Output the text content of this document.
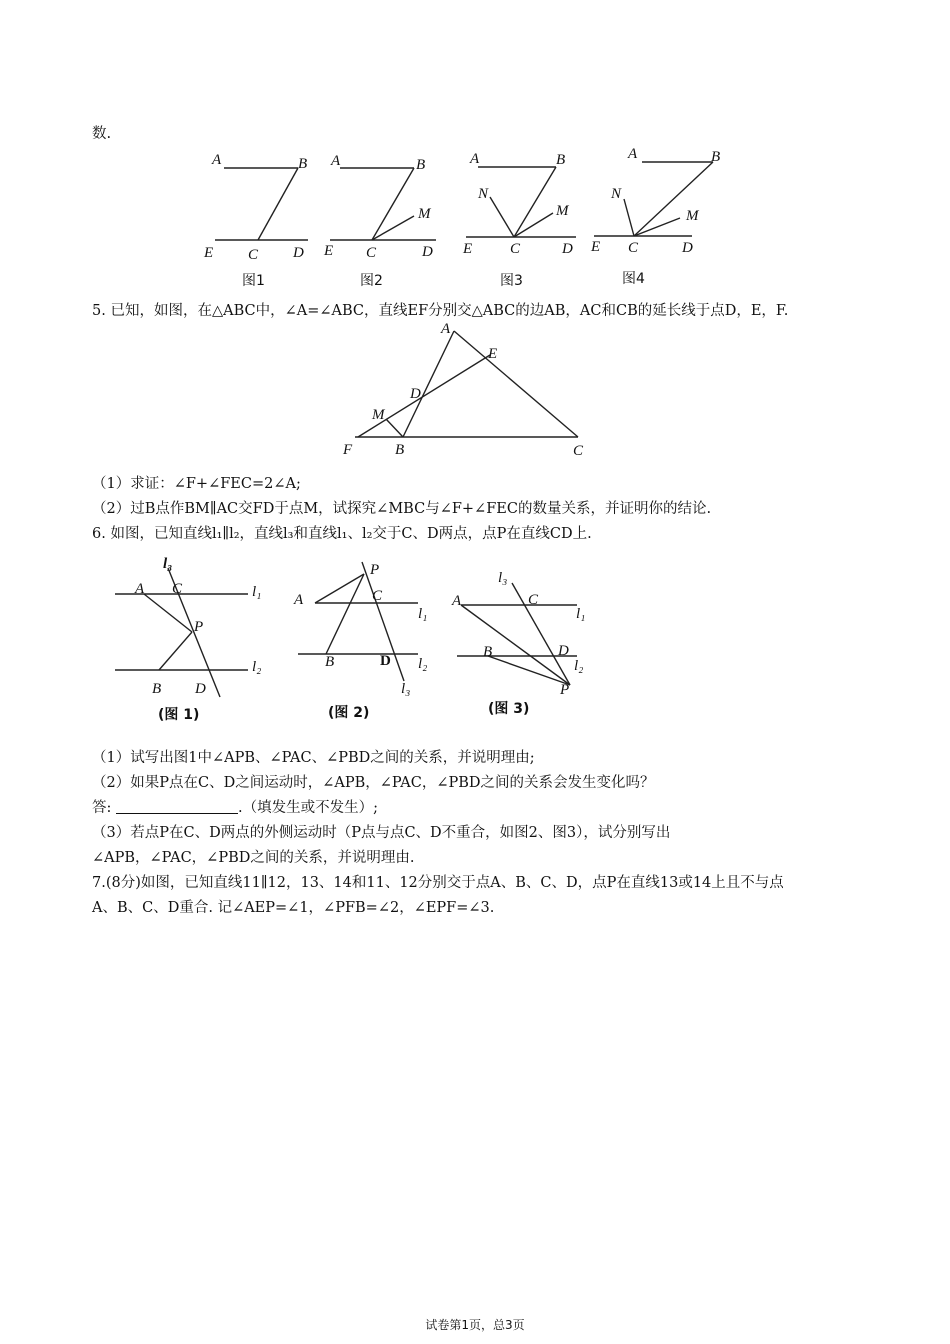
数.
A	B
E C D
A	B
M
E C	D
A	B
N
M
E	C	D
A	B
N
M
E C	D
图1	图2	图3	图4
5. 已知，如图，在△ABC中，∠A=∠ABC，直线EF分别交△ABC的边AB，AC和CB的延长线于点D，E，F.
A
E
D
M
F	B	C
（1）求证：∠F+∠FEC=2∠A;
（2）过B点作BM∥AC交FD于点M，试探究∠MBC与∠F+∠FEC的数量关系，并证明你的结论.
6. 如图，已知直线l₁∥l₂，直线l₃和直线l₁、l₂交于C、D两点，点P在直线CD上.
l₃
A C	l₁
P
l₂
B D
(图 1)
P
A	C
l₁
B	D l₂
l₃
(图 2)
l₃
A	C
l₁
B	D
l₂
P
(图 3)
（1）试写出图1中∠APB、∠PAC、∠PBD之间的关系，并说明理由;
（2）如果P点在C、D之间运动时，∠APB，∠PAC，∠PBD之间的关系会发生变化吗？
答:	.（填发生或不发生）;
（3）若点P在C、D两点的外侧运动时（P点与点C、D不重合，如图2、图3），试分别写出
∠APB，∠PAC，∠PBD之间的关系，并说明理由.
7.(8分)如图，已知直线11∥12，13、14和11、12分别交于点A、B、C、D，点P在直线13或14上且不与点
A、B、C、D重合. 记∠AEP=∠1，∠PFB=∠2，∠EPF=∠3.
试卷第1页，总3页
